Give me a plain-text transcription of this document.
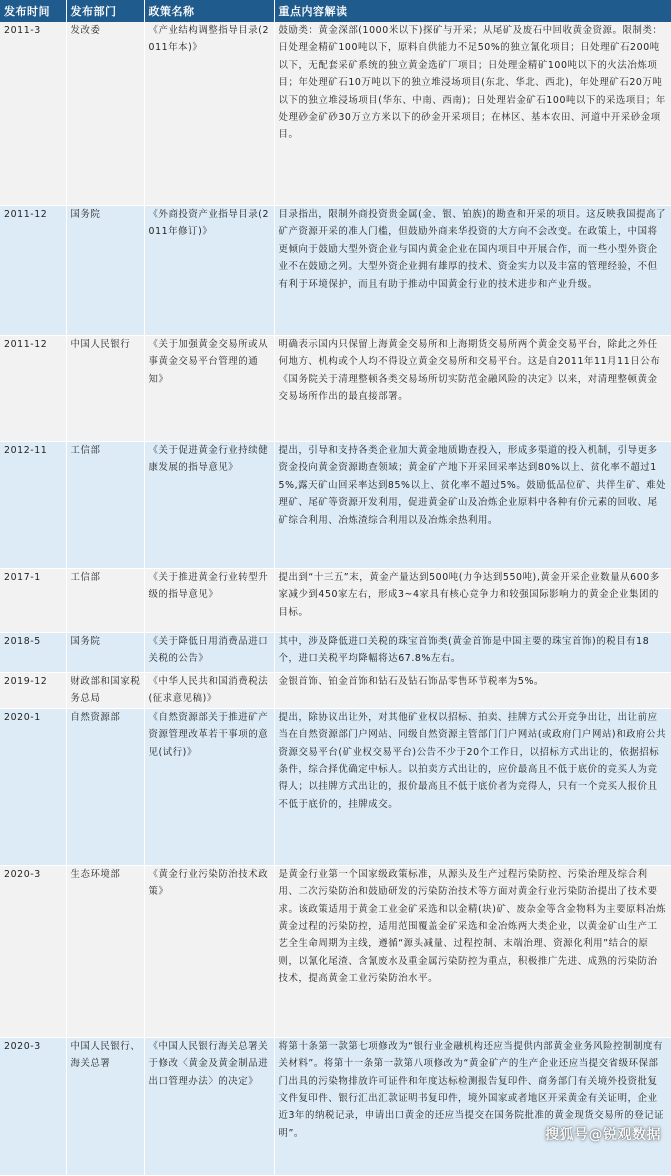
发布时间	发布部门	政策名称	重点内容解读
2011-3	发改委	《产业结构调整指导目录(2011年本)》	鼓励类：黄金深部(1000米以下)探矿与开采；从尾矿及废石中回收黄金资源。限制类：日处理金精矿100吨以下，原料自供能力不足50%的独立氰化项目；日处理矿石200吨以下，无配套采矿系统的独立黄金选矿厂项目；日处理金精矿100吨以下的火法冶炼项目；年处理矿石10万吨以下的独立堆浸场项目(东北、华北、西北)，年处理矿石20万吨以下的独立堆浸场项目(华东、中南、西南)；日处理岩金矿石100吨以下的采选项目；年处理砂金矿砂30万立方米以下的砂金开采项目；在林区、基本农田、河道中开采砂金项目。
2011-12	国务院	《外商投资产业指导目录(2011年修订)》	目录指出，限制外商投资贵金属(金、银、铂族)的勘查和开采的项目。这反映我国提高了矿产资源开采的准人门槛，但鼓励外商来华投资的大方向不会改变。在政策上，中国将更倾向于鼓励大型外资企业与国内黄金企业在国内项目中开展合作，而一些小型外资企业不在鼓励之列。大型外资企业拥有雄厚的技术、资金实力以及丰富的管理经验，不但有利于环境保护，而且有助于推动中国黄金行业的技术进步和产业升级。
2011-12	中国人民银行	《关于加强黄金交易所或从事黄金交易平台管理的通知》	明确表示国内只保留上海黄金交易所和上海期货交易所两个黄金交易平台，除此之外任何地方、机构或个人均不得设立黄金交易所和交易平台。这是自2011年11月11日公布《国务院关于清理整顿各类交易场所切实防范金融风险的决定》以来，对清理整顿黄金交易场所作出的最直接部署。
2012-11	工信部	《关于促进黄金行业持续健康发展的指导意见》	提出，引导和支持各类企业加大黄金地质勘查投入，形成多渠道的投入机制，引导更多资金投向黄金资源勘查领域；黄金矿产地下开采回采率达到80%以上、贫化率不超过15%,露天矿山回采率达到85%以上、贫化率不超过5%。鼓励低品位矿、共伴生矿、难处理矿、尾矿等资源开发利用，促进黄金矿山及冶炼企业原料中各种有价元素的回收、尾矿综合利用、冶炼渣综合利用以及冶炼余热利用。
2017-1	工信部	《关于推进黄金行业转型升级的指导意见》	提出到“十三五”末，黄金产量达到500吨(力争达到550吨),黄金开采企业数量从600多家减少到450家左右，形成3~4家具有核心竞争力和较强国际影响力的黄金企业集团的目标。
2018-5	国务院	《关于降低日用消费品进口关税的公告》	其中，涉及降低进口关税的珠宝首饰类(黄金首饰是中国主要的珠宝首饰)的税目有18个，进口关税平均降幅将达67.8%左右。
2019-12	财政部和国家税务总局	《中华人民共和国消费税法(征求意见稿)》	金银首饰、铂金首饰和钻石及钻石饰品零售环节税率为5%。
2020-1	自然资源部	《自然资源部关于推进矿产资源管理改革若干事项的意见(试行)》	提出，除协议出让外，对其他矿业权以招标、拍卖、挂牌方式公开竞争出让，出让前应当在自然资源部门户网站、同级自然资源主管部门门户网站(或政府门户网站)和政府公共资源交易平台(矿业权交易平台)公告不少于20个工作日，以招标方式出让的，依据招标条件，综合择优确定中标人。以拍卖方式出让的，应价最高且不低于底价的竞买人为竞得人；以挂牌方式出让的，报价最高且不低于底价者为竞得人，只有一个竞买人报价且不低于底价的，挂牌成交。
2020-3	生态环境部	《黄金行业污染防治技术政策》	是黄金行业第一个国家级政策标准，从源头及生产过程污染防控、污染治理及综合利用、二次污染防治和鼓励研发的污染防治技术等方面对黄金行业污染防治提出了技术要求。该政策适用于黄金工业金矿采选和以金精(块)矿、废杂金等含金物料为主要原料冶炼黄金过程的污染防控，适用范围覆盖金矿采选和金冶炼两大类企业，以黄金矿山生产工艺全生命周期为主线，遵循“源头减量、过程控制、末端治理、资源化利用”结合的原则，以氰化尾渣、含氰废水及重金属污染防控为重点，积极推广先进、成熟的污染防治技术，提高黄金工业污染防治水平。
2020-3	中国人民银行、海关总署	《中国人民银行海关总署关于修改〈黄金及黄金制品进出口管理办法〉的决定》	将第十条第一款第七项修改为“银行业金融机构还应当提供内部黄金业务风险控制制度有关材料”。将第十一条第一款第八项修改为“黄金矿产的生产企业还应当提交省级环保部门出具的污染物排放许可证件和年度达标检测报告复印件、商务部门有关境外投资批复文件复印件、银行汇出汇款证明书复印件，境外国家或者地区开采黄金有关证明，企业近3年的纳税记录，申请出口黄金的还应当提交在国务院批准的黄金现货交易所的登记证明”。	搜狐号@锐观数据
